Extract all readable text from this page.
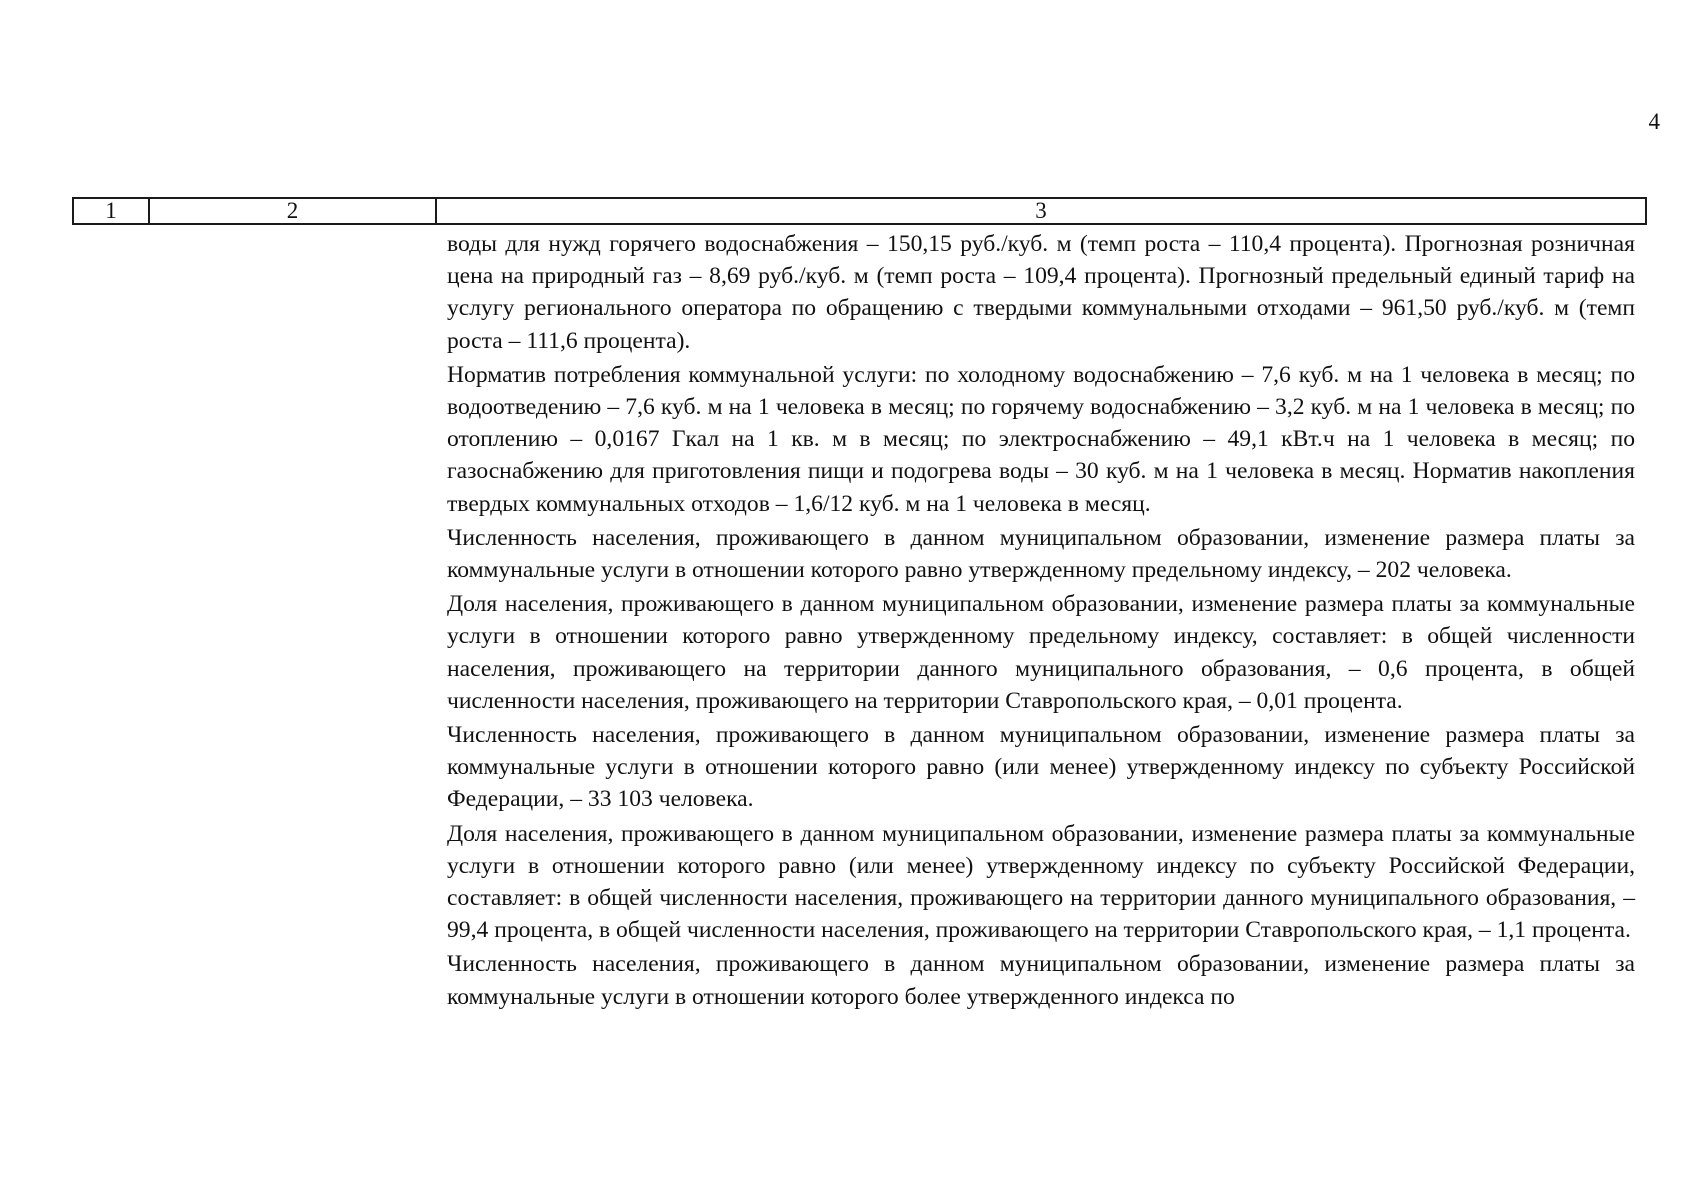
4
1	2	3

воды для нужд горячего водоснабжения – 150,15 руб./куб. м (темп роста – 110,4 процента). Прогнозная розничная цена на природный газ – 8,69 руб./куб. м (темп роста – 109,4 процента). Прогнозный предельный единый тариф на услугу регионального оператора по обращению с твердыми коммунальными отходами – 961,50 руб./куб. м (темп роста – 111,6 процента).

Норматив потребления коммунальной услуги: по холодному водоснабжению – 7,6 куб. м на 1 человека в месяц; по водоотведению – 7,6 куб. м на 1 человека в месяц; по горячему водоснабжению – 3,2 куб. м на 1 человека в месяц; по отоплению – 0,0167 Гкал на 1 кв. м в месяц; по электроснабжению – 49,1 кВт.ч на 1 человека в месяц; по газоснабжению для приготовления пищи и подогрева воды – 30 куб. м на 1 человека в месяц. Норматив накопления твердых коммунальных отходов – 1,6/12 куб. м на 1 человека в месяц.

Численность населения, проживающего в данном муниципальном образовании, изменение размера платы за коммунальные услуги в отношении которого равно утвержденному предельному индексу, – 202 человека.

Доля населения, проживающего в данном муниципальном образовании, изменение размера платы за коммунальные услуги в отношении которого равно утвержденному предельному индексу, составляет: в общей численности населения, проживающего на территории данного муниципального образования, – 0,6 процента, в общей численности населения, проживающего на территории Ставропольского края, – 0,01 процента.

Численность населения, проживающего в данном муниципальном образовании, изменение размера платы за коммунальные услуги в отношении которого равно (или менее) утвержденному индексу по субъекту Российской Федерации, – 33 103 человека.

Доля населения, проживающего в данном муниципальном образовании, изменение размера платы за коммунальные услуги в отношении которого равно (или менее) утвержденному индексу по субъекту Российской Федерации, составляет: в общей численности населения, проживающего на территории данного муниципального образования, – 99,4 процента, в общей численности населения, проживающего на территории Ставропольского края, – 1,1 процента.

Численность населения, проживающего в данном муниципальном образовании, изменение размера платы за коммунальные услуги в отношении которого более утвержденного индекса по
